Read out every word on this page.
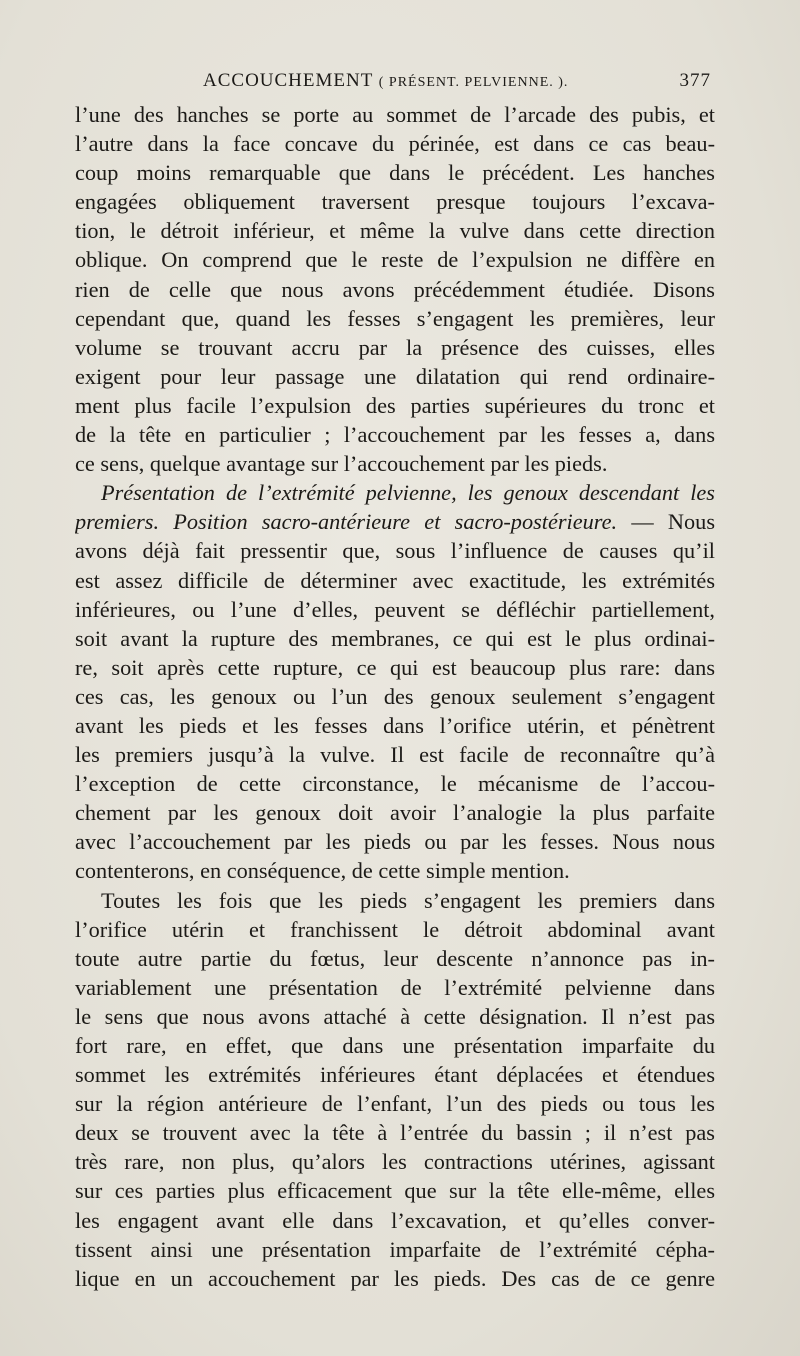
ACCOUCHEMENT ( PRÉSENT. PELVIENNE. ).	377
l’une des hanches se porte au sommet de l’arcade des pubis, et
l’autre dans la face concave du périnée, est dans ce cas beau-
coup moins remarquable que dans le précédent. Les hanches
engagées obliquement traversent presque toujours l’excava-
tion, le détroit inférieur, et même la vulve dans cette direction
oblique. On comprend que le reste de l’expulsion ne diffère en
rien de celle que nous avons précédemment étudiée. Disons
cependant que, quand les fesses s’engagent les premières, leur
volume se trouvant accru par la présence des cuisses, elles
exigent pour leur passage une dilatation qui rend ordinaire-
ment plus facile l’expulsion des parties supérieures du tronc et
de la tête en particulier ; l’accouchement par les fesses a, dans
ce sens, quelque avantage sur l’accouchement par les pieds.
Présentation de l’extrémité pelvienne, les genoux descendant les
premiers. Position sacro-antérieure et sacro-postérieure. — Nous
avons déjà fait pressentir que, sous l’influence de causes qu’il
est assez difficile de déterminer avec exactitude, les extrémités
inférieures, ou l’une d’elles, peuvent se défléchir partiellement,
soit avant la rupture des membranes, ce qui est le plus ordinai-
re, soit après cette rupture, ce qui est beaucoup plus rare: dans
ces cas, les genoux ou l’un des genoux seulement s’engagent
avant les pieds et les fesses dans l’orifice utérin, et pénètrent
les premiers jusqu’à la vulve. Il est facile de reconnaître qu’à
l’exception de cette circonstance, le mécanisme de l’accou-
chement par les genoux doit avoir l’analogie la plus parfaite
avec l’accouchement par les pieds ou par les fesses. Nous nous
contenterons, en conséquence, de cette simple mention.
Toutes les fois que les pieds s’engagent les premiers dans
l’orifice utérin et franchissent le détroit abdominal avant
toute autre partie du fœtus, leur descente n’annonce pas in-
variablement une présentation de l’extrémité pelvienne dans
le sens que nous avons attaché à cette désignation. Il n’est pas
fort rare, en effet, que dans une présentation imparfaite du
sommet les extrémités inférieures étant déplacées et étendues
sur la région antérieure de l’enfant, l’un des pieds ou tous les
deux se trouvent avec la tête à l’entrée du bassin ; il n’est pas
très rare, non plus, qu’alors les contractions utérines, agissant
sur ces parties plus efficacement que sur la tête elle-même, elles
les engagent avant elle dans l’excavation, et qu’elles conver-
tissent ainsi une présentation imparfaite de l’extrémité cépha-
lique en un accouchement par les pieds. Des cas de ce genre
